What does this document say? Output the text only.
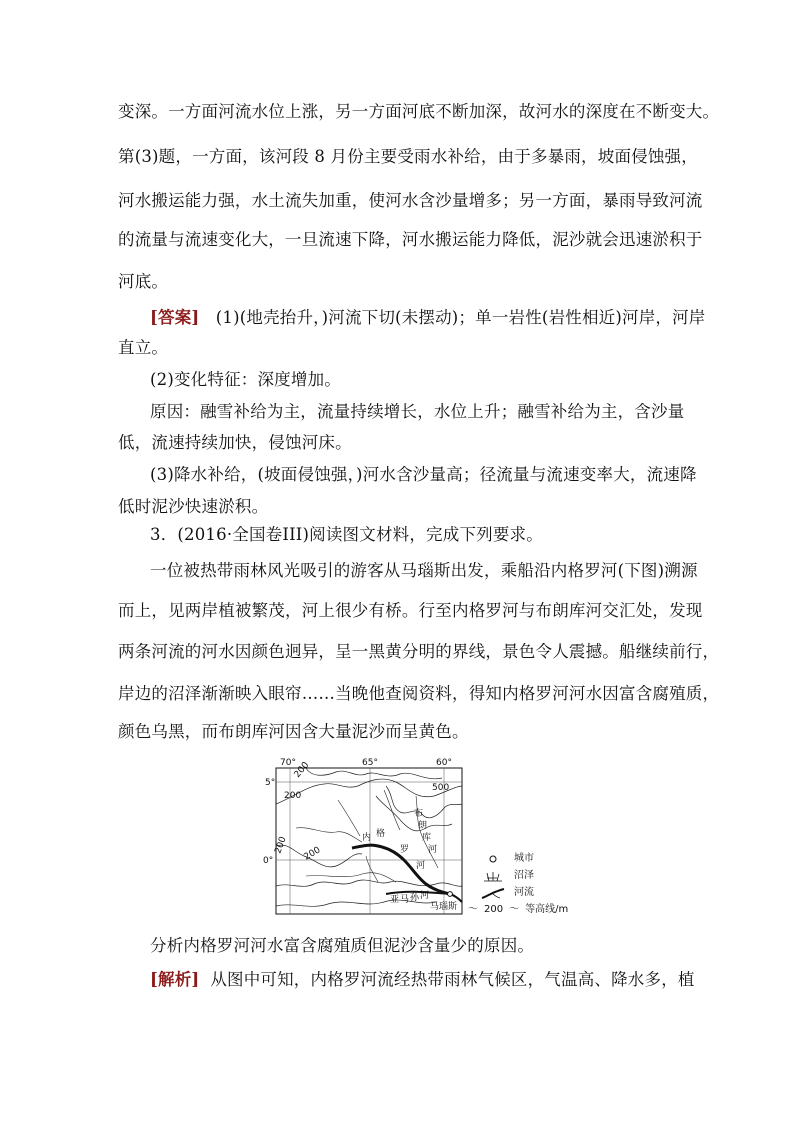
变深。一方面河流水位上涨，另一方面河底不断加深，故河水的深度在不断变大。
第(3)题，一方面，该河段 8 月份主要受雨水补给，由于多暴雨，坡面侵蚀强，
河水搬运能力强，水土流失加重，使河水含沙量增多；另一方面，暴雨导致河流
的流量与流速变化大，一旦流速下降，河水搬运能力降低，泥沙就会迅速淤积于
河底。
[答案] (1)(地壳抬升，)河流下切(未摆动)；单一岩性(岩性相近)河岸，河岸
直立。
(2)变化特征：深度增加。
原因：融雪补给为主，流量持续增长，水位上升；融雪补给为主，含沙量
低，流速持续加快，侵蚀河床。
(3)降水补给，(坡面侵蚀强，)河水含沙量高；径流量与流速变率大，流速降
低时泥沙快速淤积。
3．(2016·全国卷III)阅读图文材料，完成下列要求。
一位被热带雨林风光吸引的游客从马瑙斯出发，乘船沿内格罗河(下图)溯源
而上，见两岸植被繁茂，河上很少有桥。行至内格罗河与布朗库河交汇处，发现
两条河流的河水因颜色迥异，呈一黑黄分明的界线，景色令人震撼。船继续前行，
岸边的沼泽渐渐映入眼帘……当晚他查阅资料，得知内格罗河河水因富含腐殖质，
颜色乌黑，而布朗库河因含大量泥沙而呈黄色。
70°	65°	60°
5°
0°
马瑙斯
200
200
500
200 200
内 格
罗
河
布
朗
库
河
亚 马 孙 河
城市
沼泽
河流
～ 200 ～ 等高线/m
分析内格罗河河水富含腐殖质但泥沙含量少的原因。
[解析] 从图中可知，内格罗河流经热带雨林气候区，气温高、降水多，植
